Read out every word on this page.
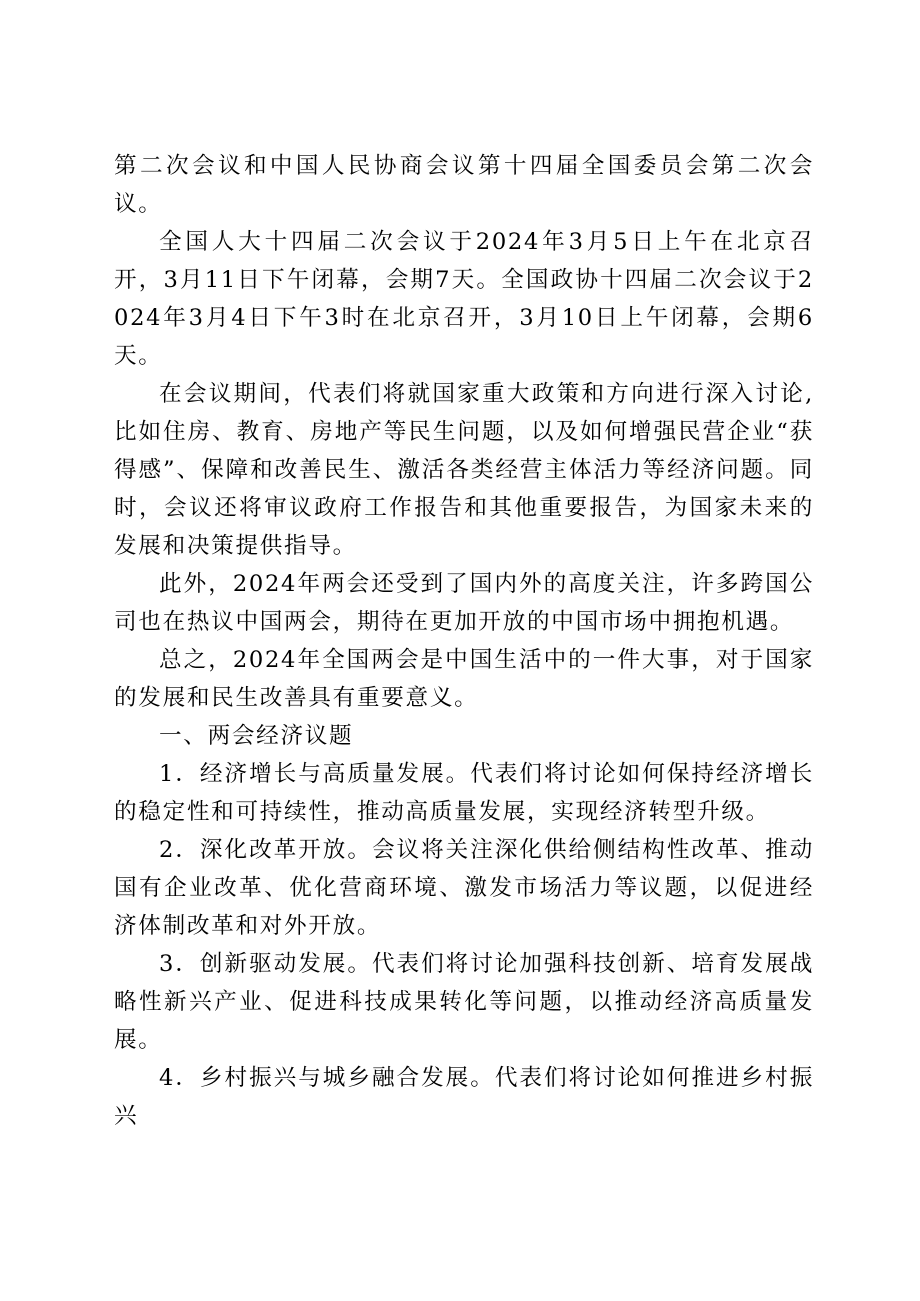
第二次会议和中国人民协商会议第十四届全国委员会第二次会议。

全国人大十四届二次会议于2024年3月5日上午在北京召开，3月11日下午闭幕，会期7天。全国政协十四届二次会议于2024年3月4日下午3时在北京召开，3月10日上午闭幕，会期6天。

在会议期间，代表们将就国家重大政策和方向进行深入讨论,比如住房、教育、房地产等民生问题，以及如何增强民营企业“获得感”、保障和改善民生、激活各类经营主体活力等经济问题。同时，会议还将审议政府工作报告和其他重要报告，为国家未来的发展和决策提供指导。

此外，2024年两会还受到了国内外的高度关注，许多跨国公司也在热议中国两会，期待在更加开放的中国市场中拥抱机遇。

总之，2024年全国两会是中国生活中的一件大事，对于国家的发展和民生改善具有重要意义。

一、两会经济议题

1．经济增长与高质量发展。代表们将讨论如何保持经济增长的稳定性和可持续性，推动高质量发展，实现经济转型升级。

2．深化改革开放。会议将关注深化供给侧结构性改革、推动国有企业改革、优化营商环境、激发市场活力等议题，以促进经济体制改革和对外开放。

3．创新驱动发展。代表们将讨论加强科技创新、培育发展战略性新兴产业、促进科技成果转化等问题，以推动经济高质量发展。

4．乡村振兴与城乡融合发展。代表们将讨论如何推进乡村振兴
